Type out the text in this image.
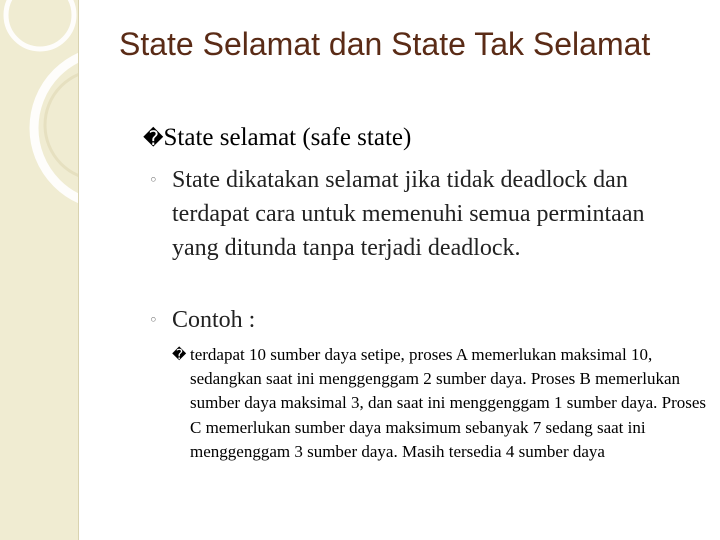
State Selamat dan State Tak Selamat
�State selamat (safe state)
◦ State dikatakan selamat jika tidak deadlock dan terdapat cara untuk memenuhi semua permintaan yang ditunda tanpa terjadi deadlock.
◦ Contoh :
� terdapat 10 sumber daya setipe, proses A memerlukan maksimal 10, sedangkan saat ini menggenggam 2 sumber daya. Proses B memerlukan sumber daya maksimal 3, dan saat ini menggenggam 1 sumber daya. Proses C memerlukan sumber daya maksimum sebanyak 7 sedang saat ini menggenggam 3 sumber daya. Masih tersedia 4 sumber daya
